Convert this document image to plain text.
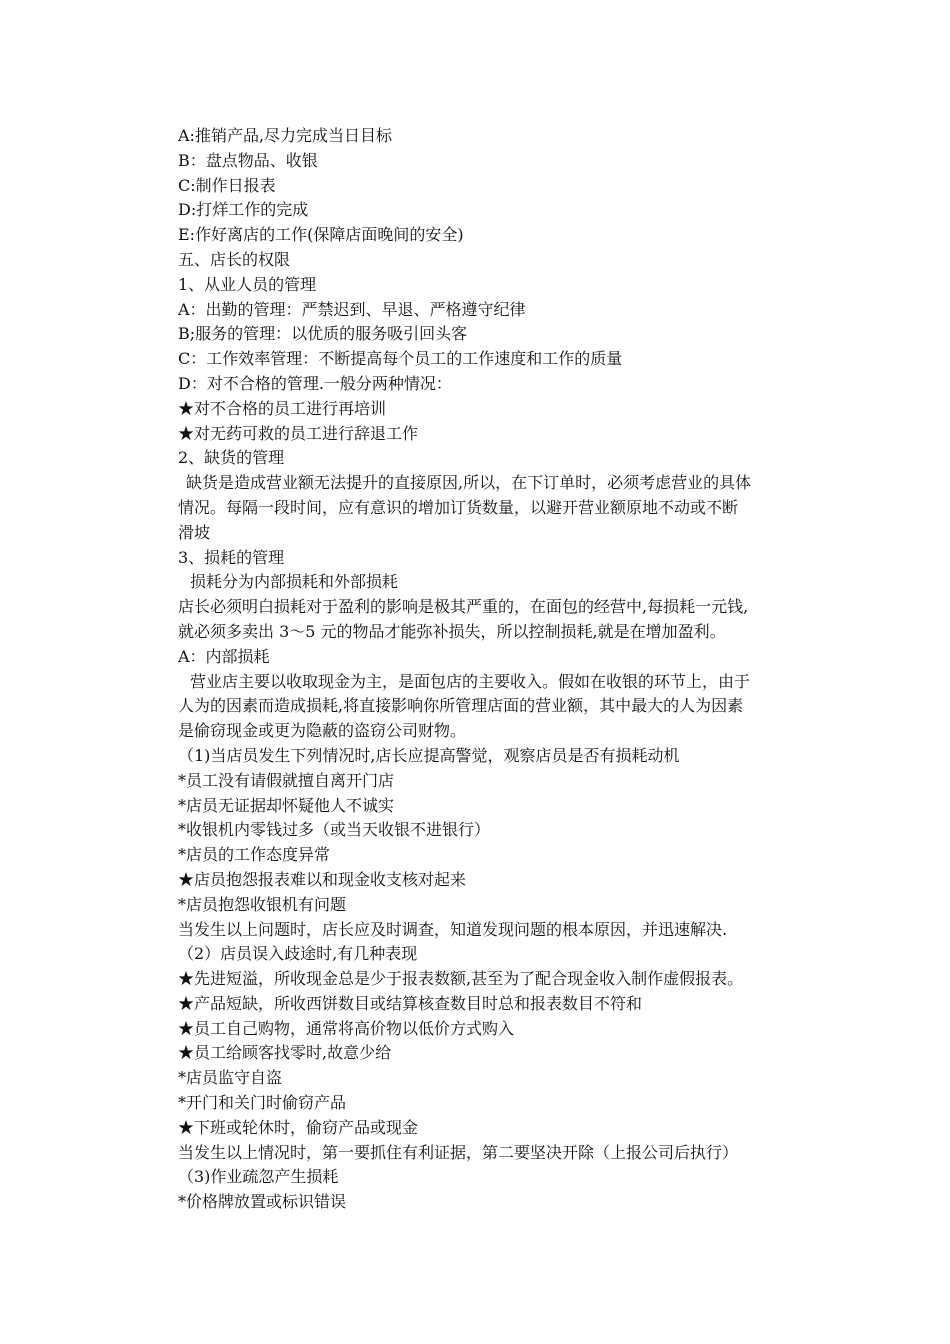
A:推销产品,尽力完成当日目标
B：盘点物品、收银
C:制作日报表
D:打烊工作的完成
E:作好离店的工作(保障店面晚间的安全)
五、店长的权限
1、从业人员的管理
A：出勤的管理：严禁迟到、早退、严格遵守纪律
B;服务的管理：以优质的服务吸引回头客
C：工作效率管理：不断提高每个员工的工作速度和工作的质量
D：对不合格的管理.一般分两种情况：
★对不合格的员工进行再培训
★对无药可救的员工进行辞退工作
2、缺货的管理
缺货是造成营业额无法提升的直接原因,所以，在下订单时，必须考虑营业的具体
情况。每隔一段时间，应有意识的增加订货数量，以避开营业额原地不动或不断
滑坡
3、损耗的管理
损耗分为内部损耗和外部损耗
店长必须明白损耗对于盈利的影响是极其严重的，在面包的经营中,每损耗一元钱,
就必须多卖出 3～5 元的物品才能弥补损失，所以控制损耗,就是在增加盈利。
A：内部损耗
营业店主要以收取现金为主，是面包店的主要收入。假如在收银的环节上，由于
人为的因素而造成损耗,将直接影响你所管理店面的营业额，其中最大的人为因素
是偷窃现金或更为隐蔽的盗窃公司财物。
（1)当店员发生下列情况时,店长应提高警觉，观察店员是否有损耗动机
*员工没有请假就擅自离开门店
*店员无证据却怀疑他人不诚实
*收银机内零钱过多（或当天收银不进银行）
*店员的工作态度异常
★店员抱怨报表难以和现金收支核对起来
*店员抱怨收银机有问题
当发生以上问题时，店长应及时调查，知道发现问题的根本原因，并迅速解决.
（2）店员误入歧途时,有几种表现
★先进短溢，所收现金总是少于报表数额,甚至为了配合现金收入制作虚假报表。
★产品短缺，所收西饼数目或结算核查数目时总和报表数目不符和
★员工自己购物，通常将高价物以低价方式购入
★员工给顾客找零时,故意少给
*店员监守自盗
*开门和关门时偷窃产品
★下班或轮休时，偷窃产品或现金
当发生以上情况时，第一要抓住有利证据，第二要坚决开除（上报公司后执行）
（3)作业疏忽产生损耗
*价格牌放置或标识错误
